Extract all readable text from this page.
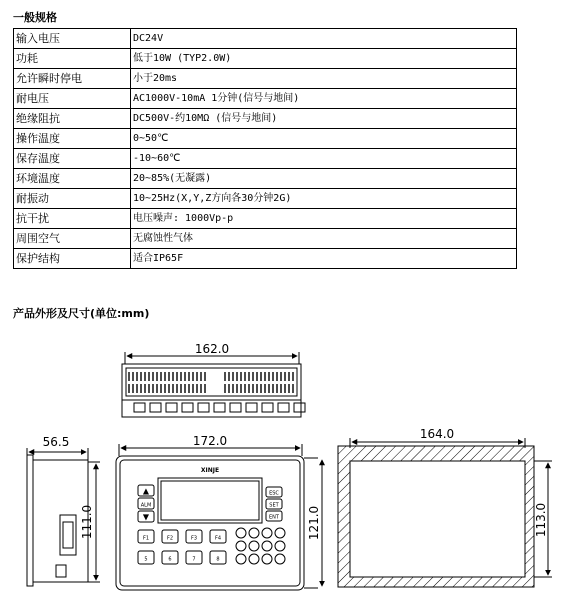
一般规格
输入电压	DC24V
功耗	低于10W (TYP2.0W)
允许瞬时停电	小于20ms
耐电压	AC1000V-10mA 1分钟(信号与地间)
绝缘阻抗	DC500V-约10MΩ (信号与地间)
操作温度	0~50℃
保存温度	-10~60℃
环境温度	20~85%(无凝露)
耐振动	10~25Hz(X,Y,Z方向各30分钟2G)
抗干扰	电压噪声: 1000Vp-p
周围空气	无腐蚀性气体
保护结构	适合IP65F
产品外形及尺寸(单位:mm)
162.0
56.5
111.0
172.0
XINJE
▲
ALM
▼
ESC
SET
ENT
F1	F2	F3	F4
5	6	7	8
121.0
164.0
113.0
